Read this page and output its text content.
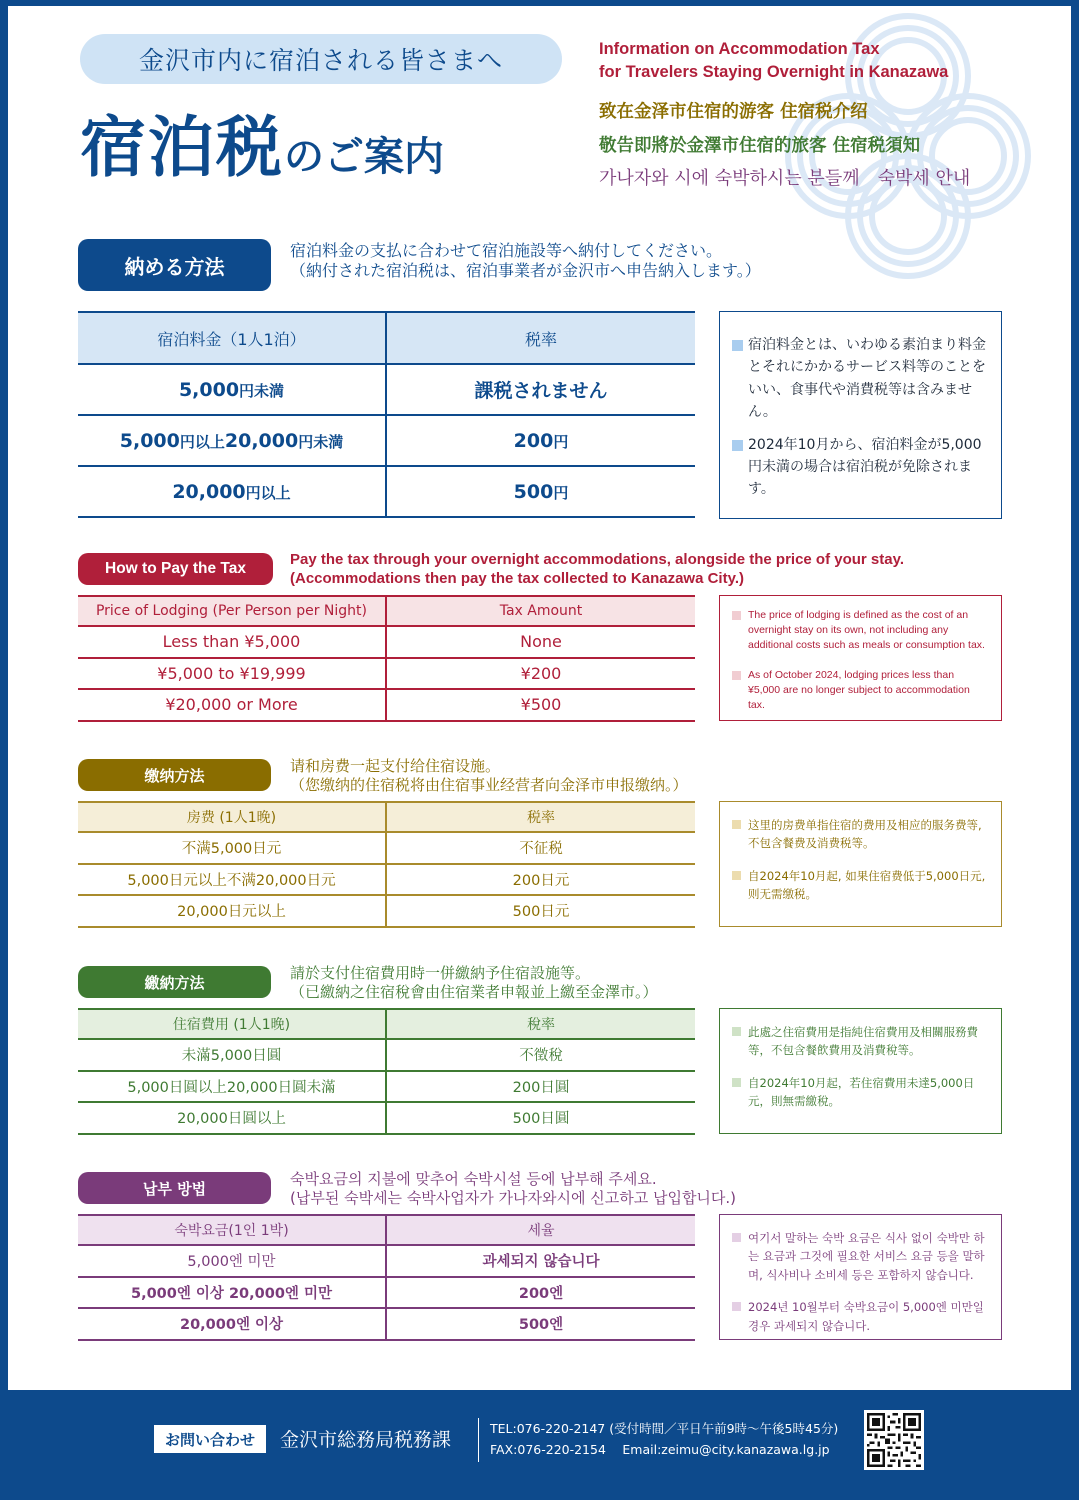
金沢市内に宿泊される皆さまへ
宿泊税のご案内
Information on Accommodation Tax
for Travelers Staying Overnight in Kanazawa
致在金泽市住宿的游客 住宿税介绍
敬告即將於金澤市住宿的旅客 住宿税須知
가나자와 시에 숙박하시는 분들께　숙박세 안내
納める方法
宿泊料金の支払に合わせて宿泊施設等へ納付してください。
（納付された宿泊税は、宿泊事業者が金沢市へ申告納入します。）
宿泊料金（1人1泊）	税率
5,000円未満	課税されません
5,000円以上20,000円未満	200円
20,000円以上	500円
宿泊料金とは、いわゆる素泊まり料金とそれにかかるサービス料等のことをいい、食事代や消費税等は含みません。
2024年10月から、宿泊料金が5,000円未満の場合は宿泊税が免除されます。
How to Pay the Tax
Pay the tax through your overnight accommodations, alongside the price of your stay.
(Accommodations then pay the tax collected to Kanazawa City.)
Price of Lodging (Per Person per Night)	Tax Amount
Less than ¥5,000	None
¥5,000 to ¥19,999	¥200
¥20,000 or More	¥500
The price of lodging is defined as the cost of an overnight stay on its own, not including any additional costs such as meals or consumption tax.
As of October 2024, lodging prices less than ¥5,000 are no longer subject to accommodation tax.
缴纳方法
请和房费一起支付给住宿设施。
（您缴纳的住宿税将由住宿事业经营者向金泽市申报缴纳。）
房费 (1人1晚)	税率
不满5,000日元	不征税
5,000日元以上不满20,000日元	200日元
20,000日元以上	500日元
这里的房费单指住宿的费用及相应的服务费等, 不包含餐费及消费税等。
自2024年10月起, 如果住宿费低于5,000日元, 则无需缴税。
繳納方法
請於支付住宿費用時一併繳納予住宿設施等。
（已繳納之住宿稅會由住宿業者申報並上繳至金澤市。）
住宿費用 (1人1晚)	稅率
未滿5,000日圓	不徵稅
5,000日圓以上20,000日圓未滿	200日圓
20,000日圓以上	500日圓
此處之住宿費用是指純住宿費用及相關服務費等，不包含餐飲費用及消費稅等。
自2024年10月起，若住宿費用未達5,000日元，則無需繳稅。
납부 방법
숙박요금의 지불에 맞추어 숙박시설 등에 납부해 주세요.
(납부된 숙박세는 숙박사업자가 가나자와시에 신고하고 납입합니다.)
숙박요금(1인 1박)	세율
5,000엔 미만	과세되지 않습니다
5,000엔 이상 20,000엔 미만	200엔
20,000엔 이상	500엔
여기서 말하는 숙박 요금은 식사 없이 숙박만 하는 요금과 그것에 필요한 서비스 요금 등을 말하며, 식사비나 소비세 등은 포함하지 않습니다.
2024년 10월부터 숙박요금이 5,000엔 미만일 경우 과세되지 않습니다.
お問い合わせ	金沢市総務局税務課
TEL:076-220-2147 (受付時間／平日午前9時～午後5時45分)
FAX:076-220-2154　 Email:zeimu@city.kanazawa.lg.jp
